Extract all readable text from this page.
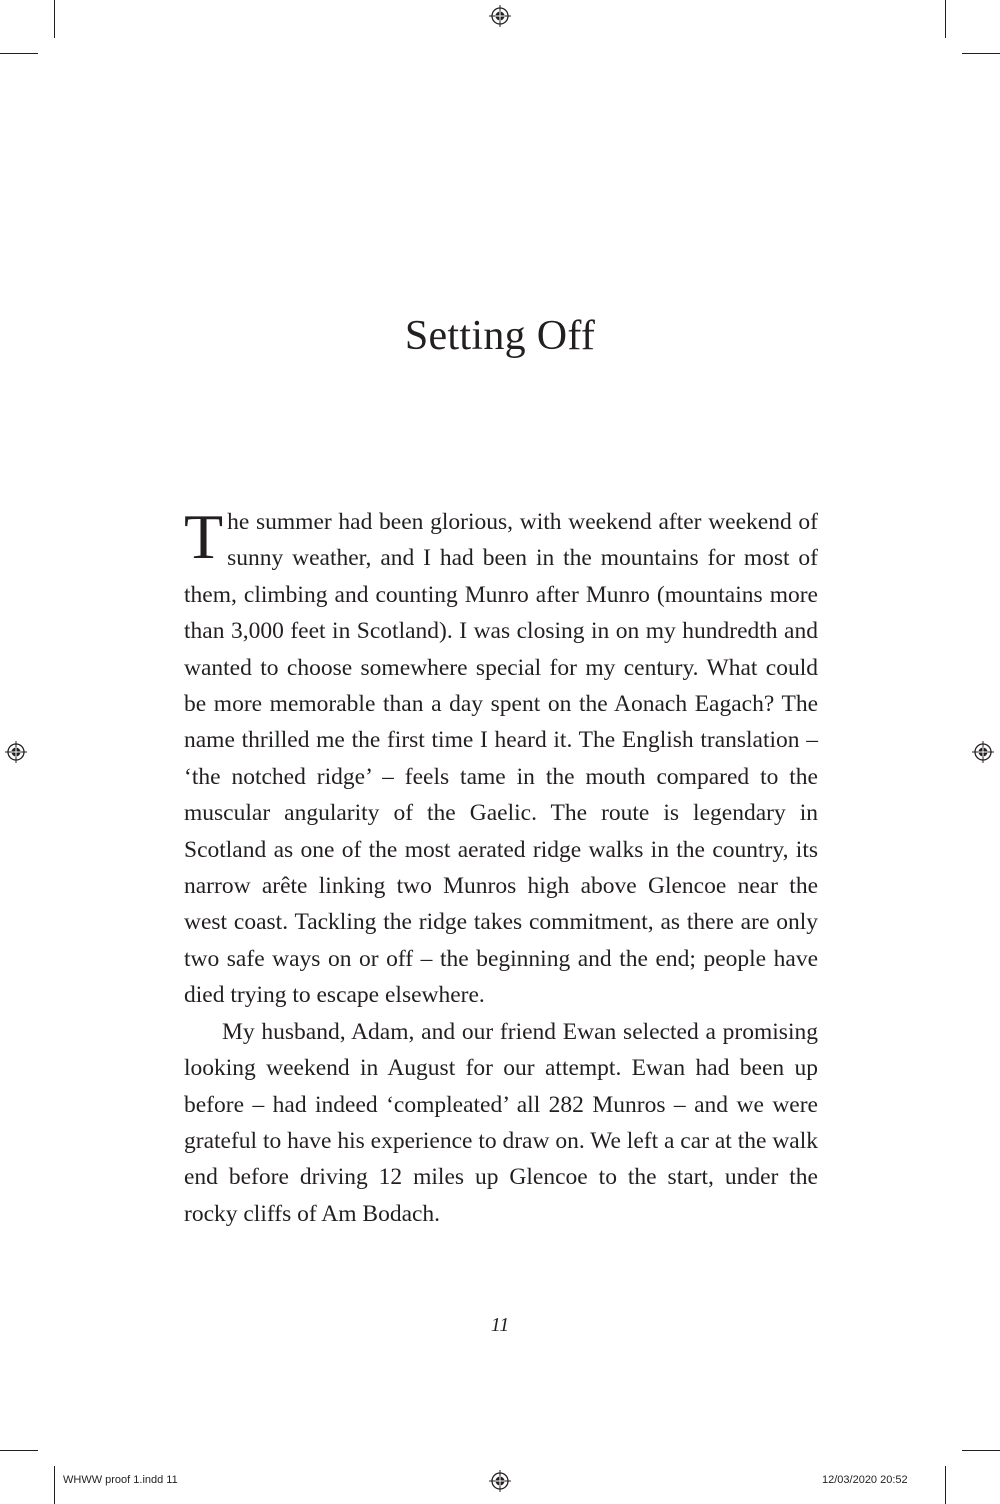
Setting Off

The summer had been glorious, with weekend after weekend of sunny weather, and I had been in the mountains for most of them, climbing and counting Munro after Munro (mountains more than 3,000 feet in Scotland). I was closing in on my hundredth and wanted to choose somewhere special for my century. What could be more memorable than a day spent on the Aonach Eagach? The name thrilled me the first time I heard it. The English translation – ‘the notched ridge’ – feels tame in the mouth compared to the muscular angularity of the Gaelic. The route is legendary in Scotland as one of the most aerated ridge walks in the country, its narrow arête linking two Munros high above Glencoe near the west coast. Tackling the ridge takes commitment, as there are only two safe ways on or off – the beginning and the end; people have died trying to escape elsewhere.

My husband, Adam, and our friend Ewan selected a promising looking weekend in August for our attempt. Ewan had been up before – had indeed ‘compleated’ all 282 Munros – and we were grateful to have his experience to draw on. We left a car at the walk end before driving 12 miles up Glencoe to the start, under the rocky cliffs of Am Bodach.

11
WHWW proof 1.indd 11	12/03/2020 20:52
